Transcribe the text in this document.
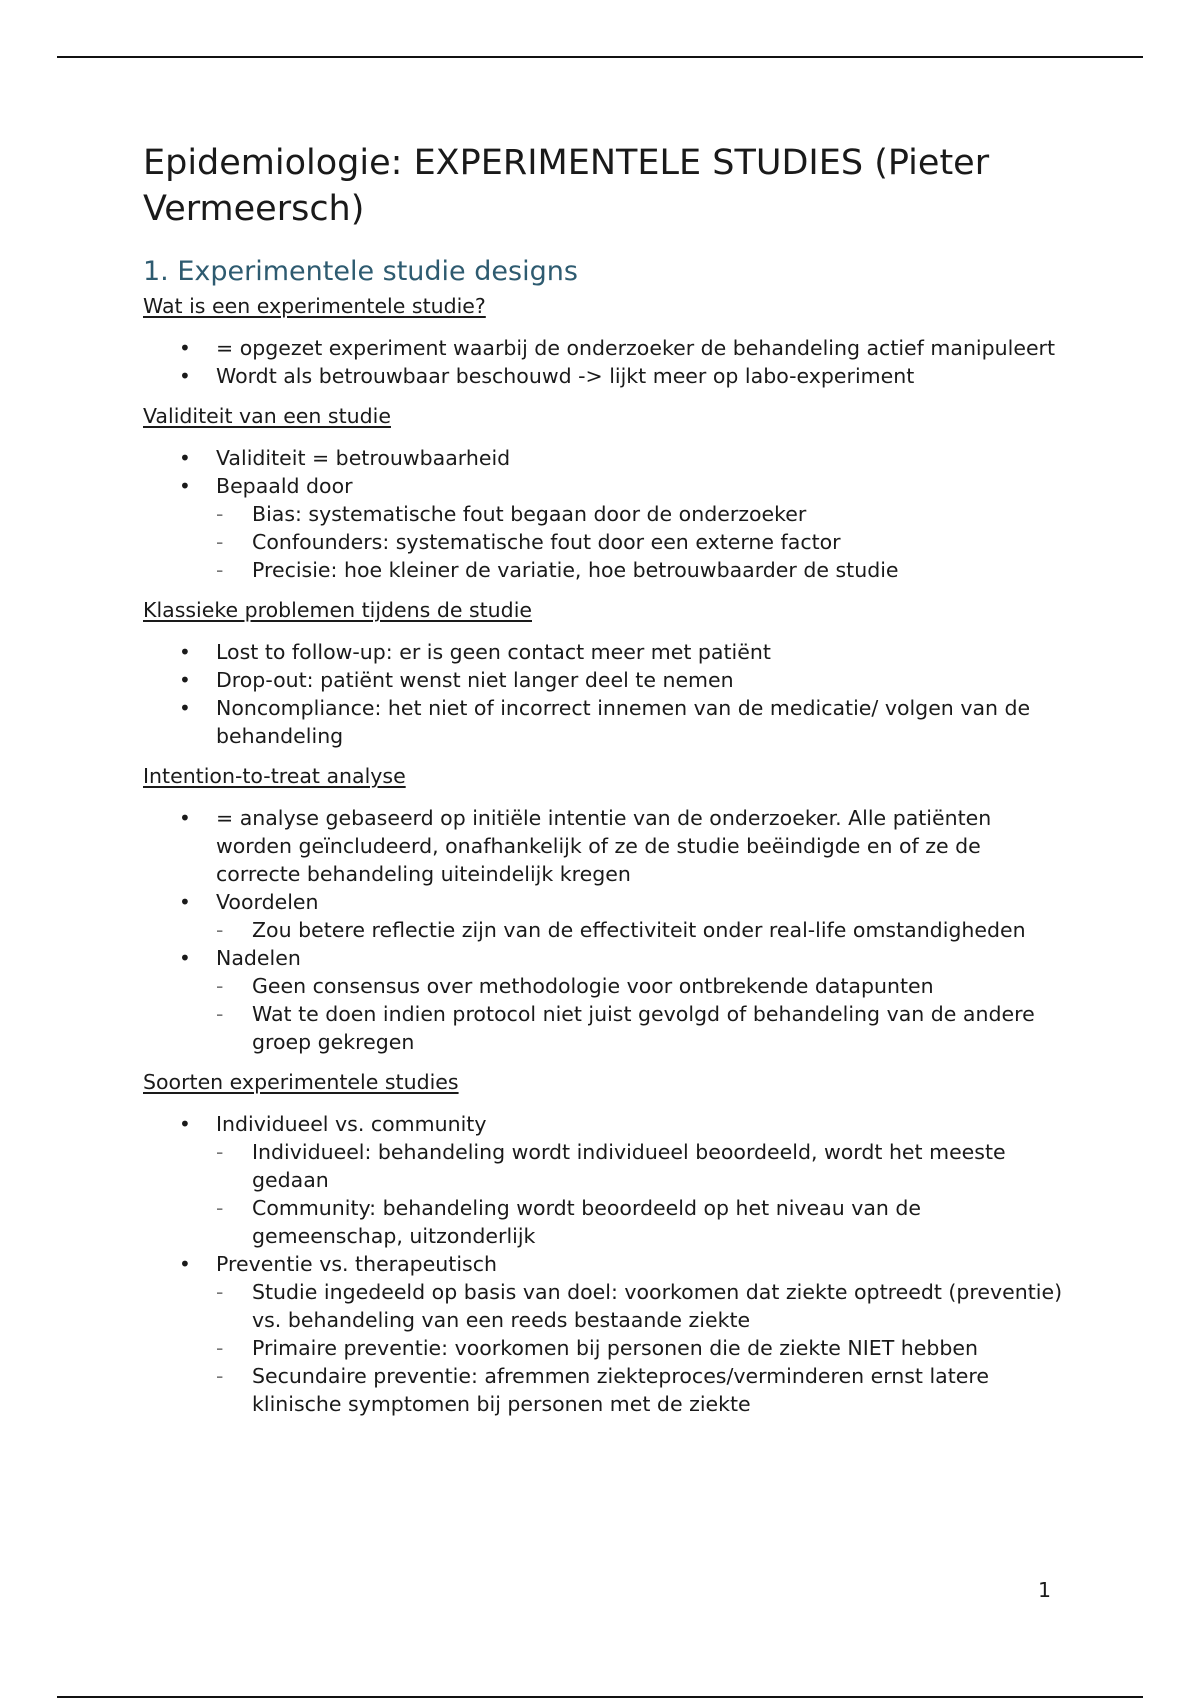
Epidemiologie: EXPERIMENTELE STUDIES (Pieter Vermeersch)
1. Experimentele studie designs
Wat is een experimentele studie?
• = opgezet experiment waarbij de onderzoeker de behandeling actief manipuleert
• Wordt als betrouwbaar beschouwd -> lijkt meer op labo-experiment
Validiteit van een studie
• Validiteit = betrouwbaarheid
• Bepaald door
- Bias: systematische fout begaan door de onderzoeker
- Confounders: systematische fout door een externe factor
- Precisie: hoe kleiner de variatie, hoe betrouwbaarder de studie
Klassieke problemen tijdens de studie
• Lost to follow-up: er is geen contact meer met patiënt
• Drop-out: patiënt wenst niet langer deel te nemen
• Noncompliance: het niet of incorrect innemen van de medicatie/ volgen van de behandeling
Intention-to-treat analyse
• = analyse gebaseerd op initiële intentie van de onderzoeker. Alle patiënten worden geïncludeerd, onafhankelijk of ze de studie beëindigde en of ze de correcte behandeling uiteindelijk kregen
• Voordelen
- Zou betere reflectie zijn van de effectiviteit onder real-life omstandigheden
• Nadelen
- Geen consensus over methodologie voor ontbrekende datapunten
- Wat te doen indien protocol niet juist gevolgd of behandeling van de andere groep gekregen
Soorten experimentele studies
• Individueel vs. community
- Individueel: behandeling wordt individueel beoordeeld, wordt het meeste gedaan
- Community: behandeling wordt beoordeeld op het niveau van de gemeenschap, uitzonderlijk
• Preventie vs. therapeutisch
- Studie ingedeeld op basis van doel: voorkomen dat ziekte optreedt (preventie) vs. behandeling van een reeds bestaande ziekte
- Primaire preventie: voorkomen bij personen die de ziekte NIET hebben
- Secundaire preventie: afremmen ziekteproces/verminderen ernst latere klinische symptomen bij personen met de ziekte
1
